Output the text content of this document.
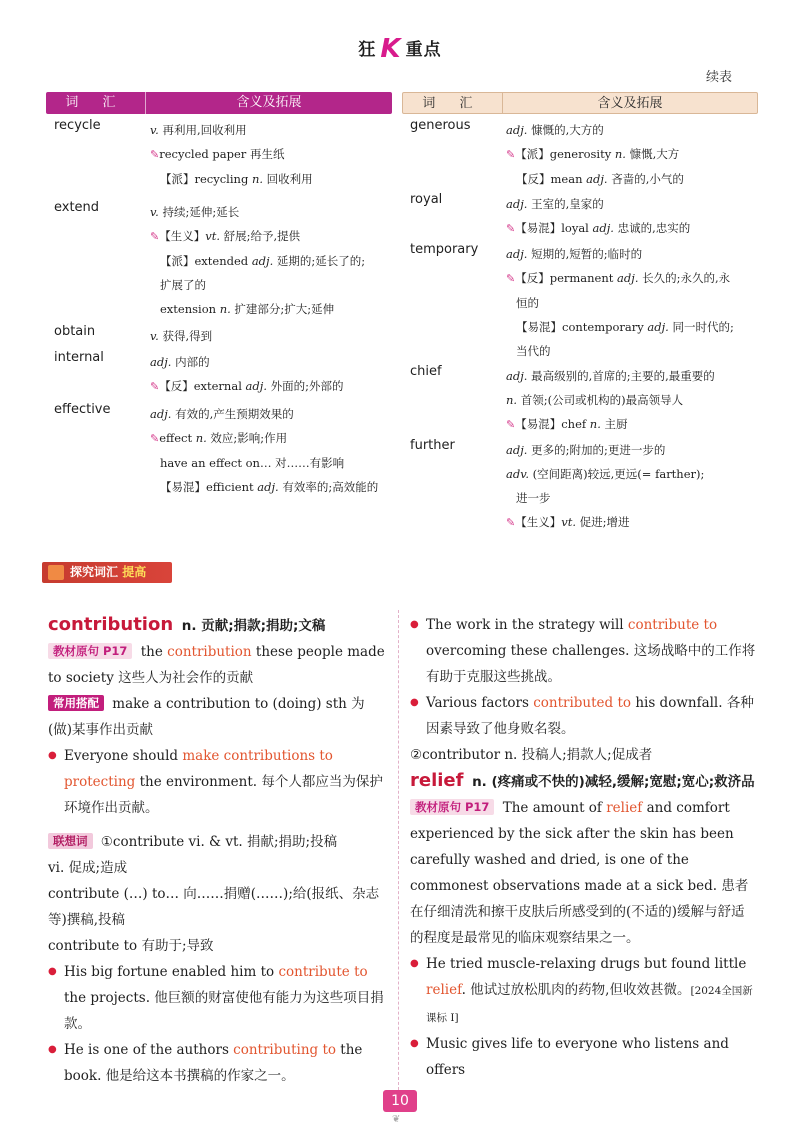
狂 K 重点
续表
词 汇	含义及拓展
recycle	v. 再利用,回收利用
✎recycled paper 再生纸
【派】recycling n. 回收利用
extend	v. 持续;延伸;延长
✎【生义】vt. 舒展;给予,提供
【派】extended adj. 延期的;延长了的;
扩展了的
extension n. 扩建部分;扩大;延伸
obtain	v. 获得,得到
internal	adj. 内部的
✎【反】external adj. 外面的;外部的
effective	adj. 有效的,产生预期效果的
✎effect n. 效应;影响;作用
have an effect on… 对……有影响
【易混】efficient adj. 有效率的;高效能的
词 汇	含义及拓展
generous	adj. 慷慨的,大方的
✎【派】generosity n. 慷慨,大方
【反】mean adj. 吝啬的,小气的
royal	adj. 王室的,皇家的
✎【易混】loyal adj. 忠诚的,忠实的
temporary adj. 短期的,短暂的;临时的
✎【反】permanent adj. 长久的;永久的,永
恒的
【易混】contemporary adj. 同一时代的;
当代的
chief	adj. 最高级别的,首席的;主要的,最重要的
n. 首领;(公司或机构的)最高领导人
✎【易混】chef n. 主厨
further	adj. 更多的;附加的;更进一步的
adv. (空间距离)较远,更远(= farther);
进一步
✎【生义】vt. 促进;增进
探究词汇 提高

contribution n. 贡献;捐款;捐助;文稿

教材原句 P17 the contribution these people made to society 这些人为社会作的贡献

常用搭配 make a contribution to (doing) sth 为(做)某事作出贡献

● Everyone should make contributions to protecting the environment. 每个人都应当为保护环境作出贡献。

联想词 ①contribute vi. & vt. 捐献;捐助;投稿

vi. 促成;造成

contribute (…) to… 向……捐赠(……);给(报纸、杂志等)撰稿,投稿

contribute to 有助于;导致

● His big fortune enabled him to contribute to the projects. 他巨额的财富使他有能力为这些项目捐款。

● He is one of the authors contributing to the book. 他是给这本书撰稿的作家之一。

● The work in the strategy will contribute to overcoming these challenges. 这场战略中的工作将有助于克服这些挑战。

● Various factors contributed to his downfall. 各种因素导致了他身败名裂。

②contributor n. 投稿人;捐款人;促成者

relief n. (疼痛或不快的)减轻,缓解;宽慰;宽心;救济品

教材原句 P17 The amount of relief and comfort experienced by the sick after the skin has been carefully washed and dried, is one of the commonest observations made at a sick bed. 患者在仔细清洗和擦干皮肤后所感受到的(不适的)缓解与舒适的程度是最常见的临床观察结果之一。

● He tried muscle-relaxing drugs but found little relief. 他试过放松肌肉的药物,但收效甚微。[2024全国新课标 I]

● Music gives life to everyone who listens and offers

10
❦
